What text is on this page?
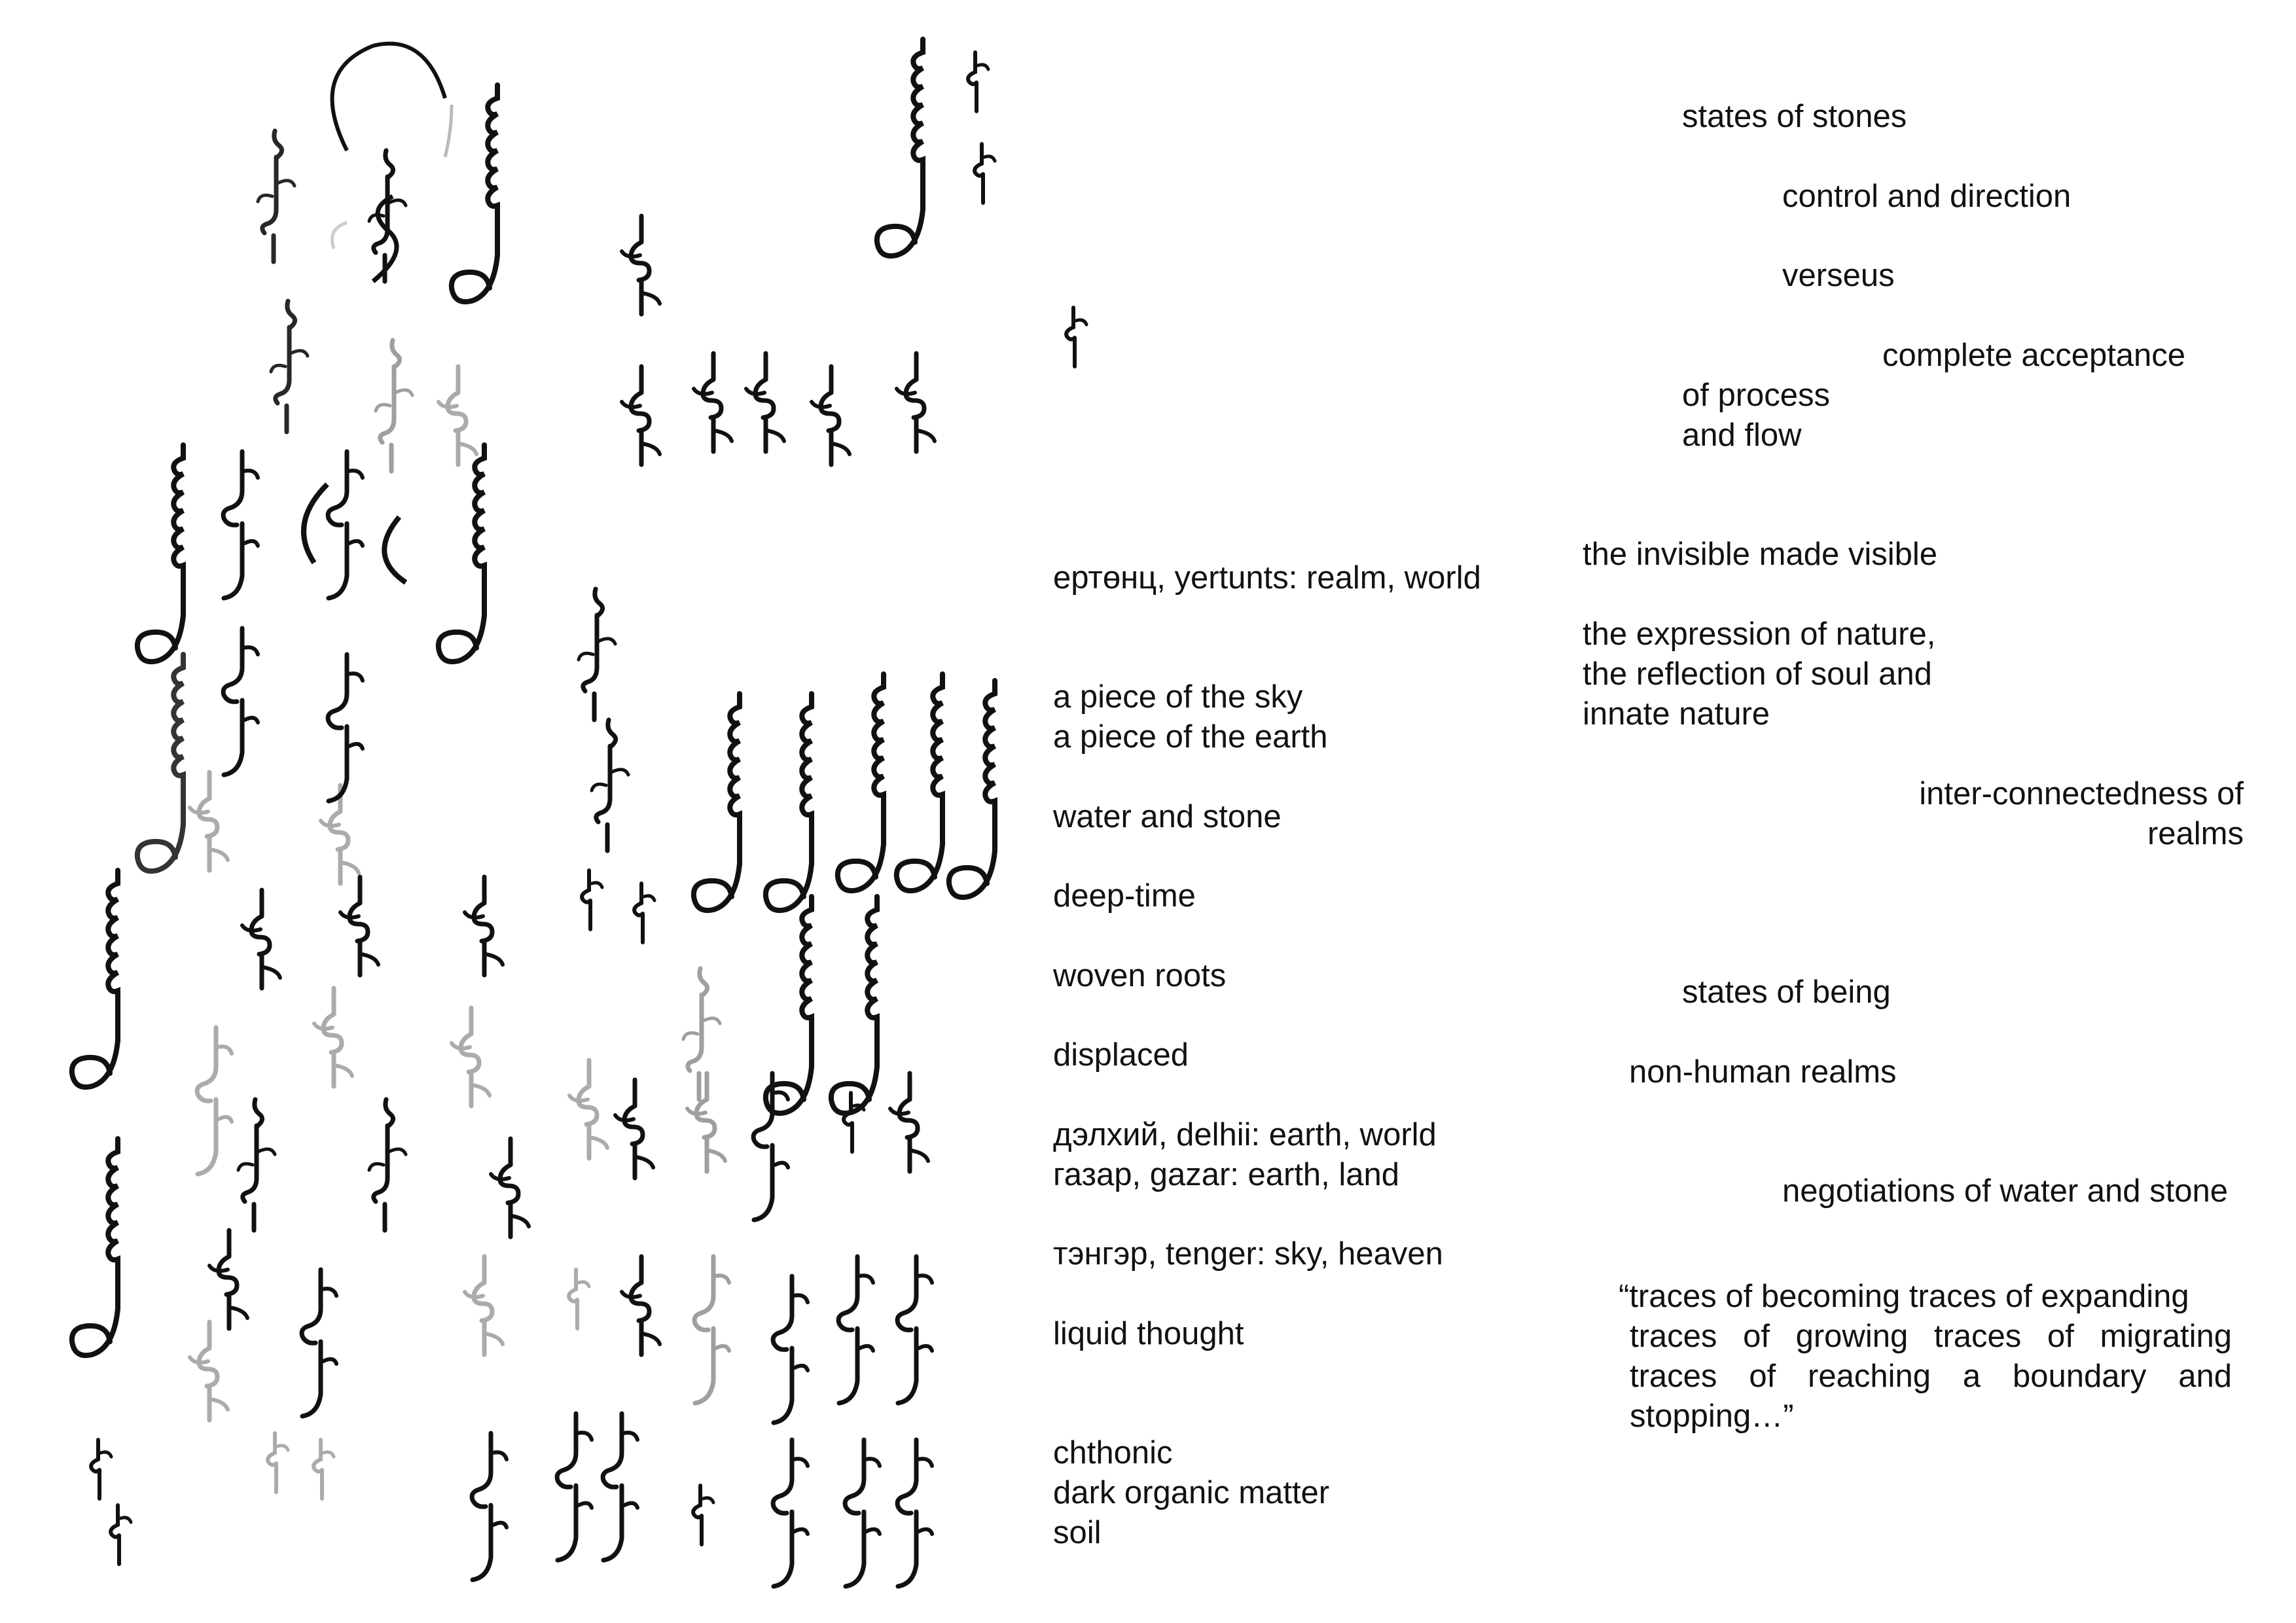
ертөнц, yertunts: realm, world
a piece of the sky
a piece of the earth
water and stone
deep-time
woven roots
displaced
дэлхий, delhii: earth, world
газар, gazar: earth, land
тэнгэр, tenger: sky, heaven
liquid thought
chthonic
dark organic matter
soil
states of stones
control and direction
verseus
complete acceptance
of process
and flow
the invisible made visible
the expression of nature,
the reflection of soul and
innate nature
inter-connectedness of
realms
states of being
non-human realms
negotiations of water and stone
“traces of becoming traces of expanding
traces of growing traces of migrating
traces of reaching a boundary and
stopping…”
